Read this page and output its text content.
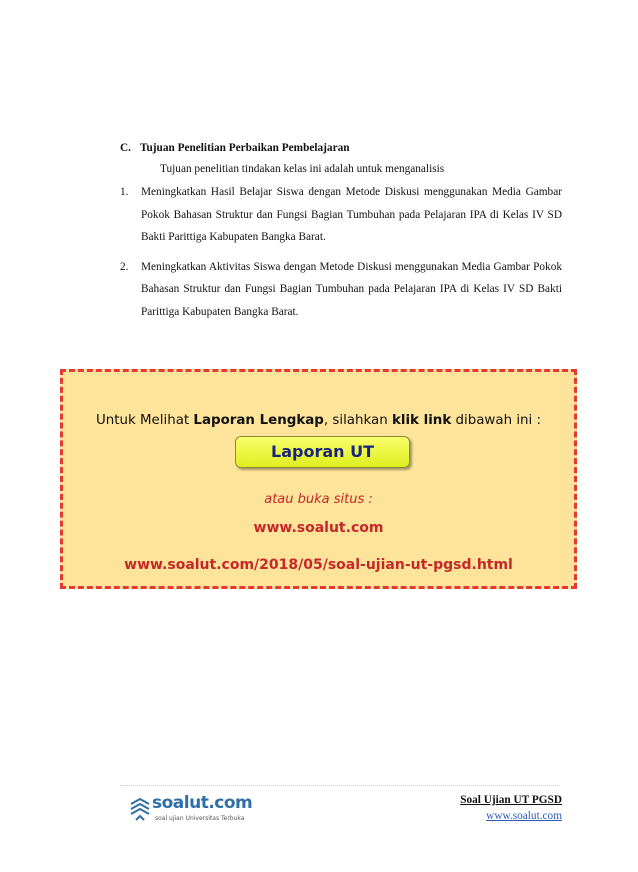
C. Tujuan Penelitian Perbaikan Pembelajaran

Tujuan penelitian tindakan kelas ini adalah untuk menganalisis

1.	Meningkatkan Hasil Belajar Siswa dengan Metode Diskusi menggunakan Media Gambar Pokok Bahasan Struktur dan Fungsi Bagian Tumbuhan pada Pelajaran IPA di Kelas IV SD Bakti Parittiga Kabupaten Bangka Barat.
2.	Meningkatkan Aktivitas Siswa dengan Metode Diskusi menggunakan Media Gambar Pokok Bahasan Struktur dan Fungsi Bagian Tumbuhan pada Pelajaran IPA di Kelas IV SD Bakti Parittiga Kabupaten Bangka Barat.
Untuk Melihat Laporan Lengkap, silahkan klik link dibawah ini :
Laporan UT
atau buka situs :
www.soalut.com
www.soalut.com/2018/05/soal-ujian-ut-pgsd.html
soalut.com
soal ujian Universitas Terbuka
Soal Ujian UT PGSD
www.soalut.com
